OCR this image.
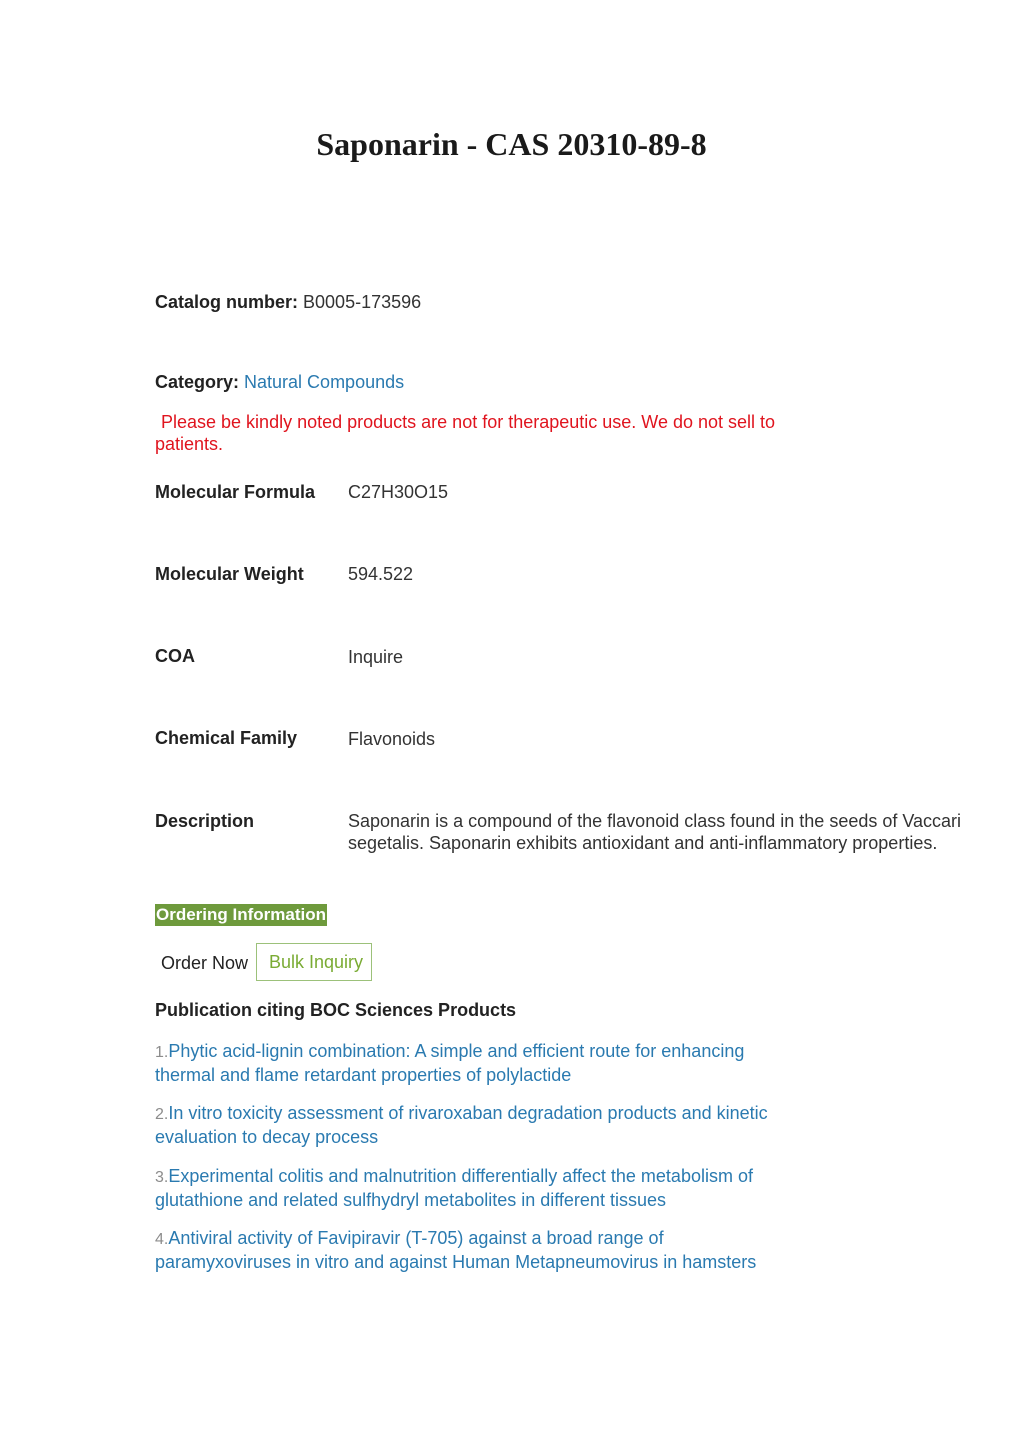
Saponarin - CAS 20310-89-8
Catalog number: B0005-173596
Category: Natural Compounds
Please be kindly noted products are not for therapeutic use. We do not sell to
patients.
Molecular Formula C27H30O15
Molecular Weight 594.522
COA	Inquire
Chemical Family	Flavonoids
Description	Saponarin is a compound of the flavonoid class found in the seeds of Vaccari
segetalis. Saponarin exhibits antioxidant and anti-inflammatory properties.
Ordering Information
Order Now	Bulk Inquiry
Publication citing BOC Sciences Products
1.Phytic acid-lignin combination: A simple and efficient route for enhancing
thermal and flame retardant properties of polylactide
2.In vitro toxicity assessment of rivaroxaban degradation products and kinetic
evaluation to decay process
3.Experimental colitis and malnutrition differentially affect the metabolism of
glutathione and related sulfhydryl metabolites in different tissues
4.Antiviral activity of Favipiravir (T-705) against a broad range of
paramyxoviruses in vitro and against Human Metapneumovirus in hamsters
